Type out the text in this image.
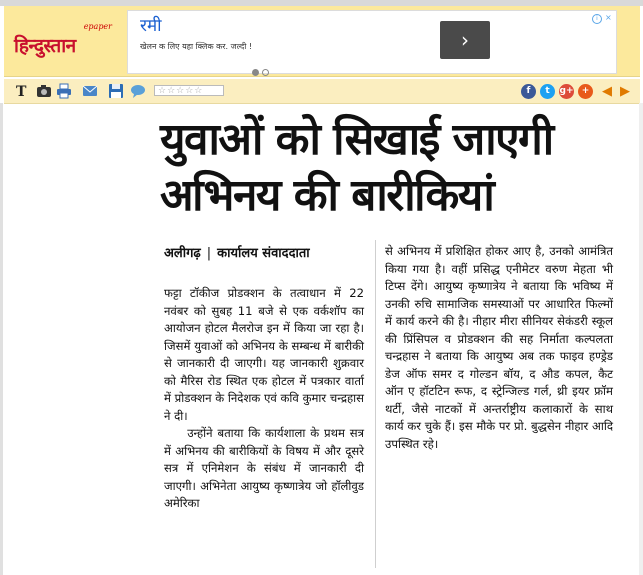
epaper
हिन्दुस्तान
रमी
खेलन क लिए यहा क्लिक कर. जल्दी !	›
i ×
T	☆☆☆☆☆	f	t	g+ + ◀ ▶
युवाओं को सिखाई जाएगी
अभिनय की बारीकियां
अलीगढ़ | कार्यालय संवाददाता

फट्टा टॉकीज प्रोडक्शन के तत्वाधान में 22 नवंबर को सुबह 11 बजे से एक वर्कशॉप का आयोजन होटल मैलरोज इन में किया जा रहा है। जिसमें युवाओं को अभिनय के सम्बन्ध में बारीकी से जानकारी दी जाएगी। यह जानकारी शुक्रवार को मैरिस रोड स्थित एक होटल में पत्रकार वार्ता में प्रोडक्शन के निदेशक एवं कवि कुमार चन्द्रहास ने दी।

उन्होंने बताया कि कार्यशाला के प्रथम सत्र में अभिनय की बारीकियों के विषय में और दूसरे सत्र में एनिमेशन के संबंध में जानकारी दी जाएगी। अभिनेता आयुष्य कृष्णात्रेय जो हॉलीवुड अमेरिका

से अभिनय में प्रशिक्षित होकर आए है, उनको आमंत्रित किया गया है। वहीं प्रसिद्ध एनीमेटर वरुण मेहता भी टिप्स देंगे। आयुष्य कृष्णात्रेय ने बताया कि भविष्य में उनकी रुचि सामाजिक समस्याओं पर आधारित फिल्मों में कार्य करने की है। नीहार मीरा सीनियर सेकंडरी स्कूल की प्रिंसिपल व प्रोडक्शन की सह निर्माता कल्पलता चन्द्रहास ने बताया कि आयुष्य अब तक फाइव हण्ड्रेड डेज ऑफ समर द गोल्डन बॉय, द औड कपल, कैट ऑन ए हॉटटिन रूफ, द स्ट्रेन्जिल्ड गर्ल, थ्री इयर फ्रॉम थर्टी, जैसे नाटकों में अन्तर्राष्ट्रीय कलाकारों के साथ कार्य कर चुके हैं। इस मौके पर प्रो. बुद्धसेन नीहार आदि उपस्थित रहे।
